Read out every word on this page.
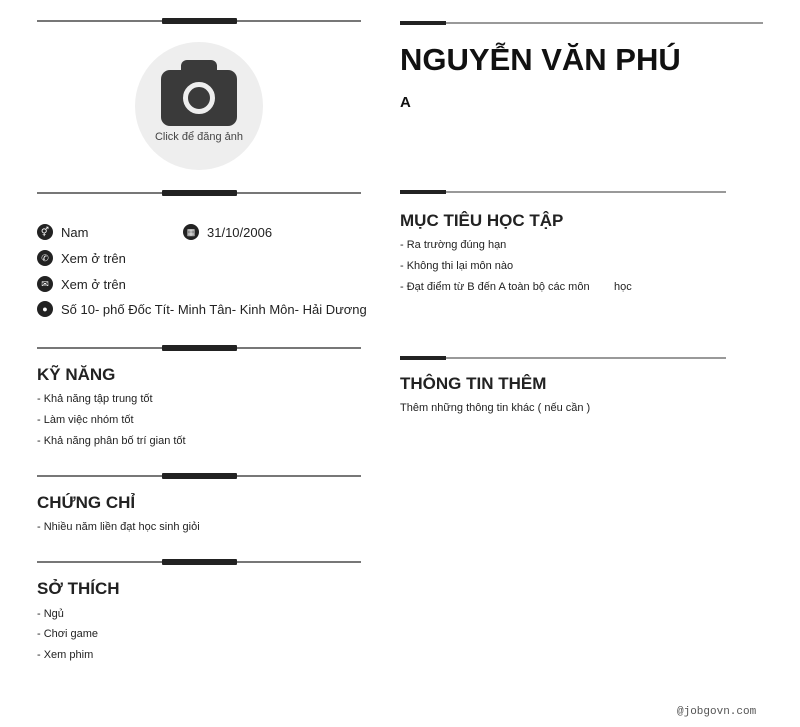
Click để đăng ảnh
⚥ Nam	▦ 31/10/2006
✆ Xem ở trên
✉ Xem ở trên
●	Số 10- phố Đốc Tít- Minh Tân- Kinh Môn- Hải Dương
KỸ NĂNG
- Khả năng tập trung tốt
- Làm việc nhóm tốt
- Khả năng phân bố trí gian tốt
CHỨNG CHỈ
- Nhiều năm liền đạt học sinh giỏi
SỞ THÍCH
- Ngủ
- Chơi game
- Xem phim
NGUYỄN VĂN PHÚ
A
MỤC TIÊU HỌC TẬP
- Ra trường đúng hạn
- Không thi lại môn nào
- Đạt điểm từ B đến A toàn bộ các môn        học
THÔNG TIN THÊM
Thêm những thông tin khác ( nếu cần )
@jobgovn.com
